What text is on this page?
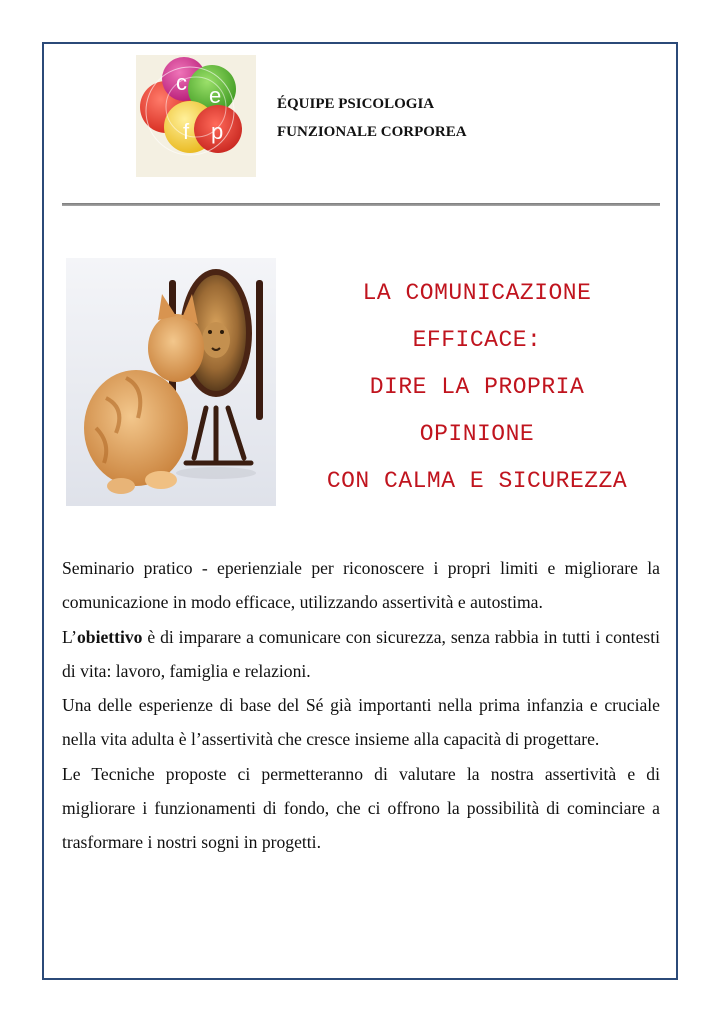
c
e
f p
ÉQUIPE PSICOLOGIA
FUNZIONALE CORPOREA
LA COMUNICAZIONE
EFFICACE:
DIRE LA PROPRIA
OPINIONE
CON CALMA E SICUREZZA

Seminario pratico - eperienziale per riconoscere i propri limiti e migliorare la comunicazione in modo efficace, utilizzando assertività e autostima.

L’obiettivo è di imparare a comunicare con sicurezza, senza rabbia in tutti i contesti di vita: lavoro, famiglia e relazioni.

Una delle esperienze di base del Sé già importanti nella prima infanzia e cruciale nella vita adulta è l’assertività che cresce insieme alla capacità di progettare.

Le Tecniche proposte ci permetteranno di valutare la nostra assertività e di migliorare i funzionamenti di fondo, che ci offrono la possibilità di cominciare a trasformare i nostri sogni in progetti.
